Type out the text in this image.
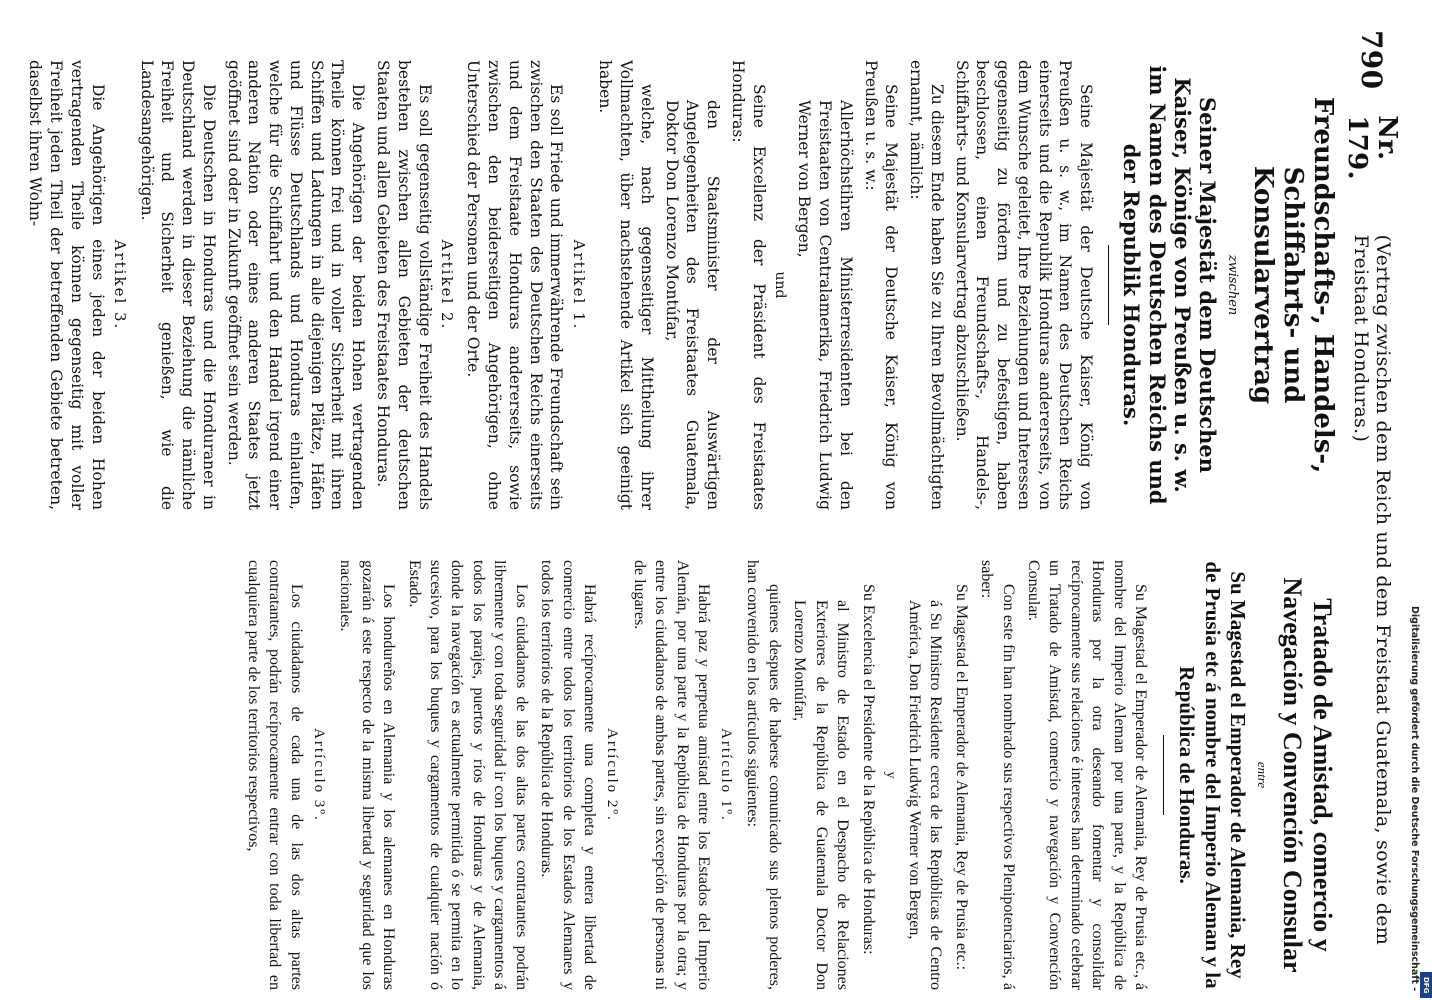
790
Nr. 179.
(Vertrag zwischen dem Reich und dem Freistaat Guatemala, sowie dem Freistaat Honduras.)
Freundschafts-, Handels-, Schiffahrts- und Konsularvertrag
zwischen
Seiner Majestät dem Deutschen Kaiser, Könige von Preußen u. s. w. im Namen des Deutschen Reichs und der Republik Honduras.

Seine Majestät der Deutsche Kaiser, König von Preußen u. s. w., im Namen des Deutschen Reichs einerseits und die Republik Honduras andererseits, von dem Wunsche geleitet, Ihre Beziehungen und Interessen gegenseitig zu fördern und zu befestigen, haben beschlossen, einen Freundschafts-, Handels-, Schiffahrts- und Konsularvertrag abzuschließen.

Zu diesem Ende haben Sie zu Ihren Bevollmächtigten ernannt, nämlich:

Seine Majestät der Deutsche Kaiser, König von Preußen u. s. w.:

Allerhöchstihren Ministerresidenten bei den Freistaaten von Centralamerika, Friedrich Ludwig Werner von Bergen,

und

Seine Excellenz der Präsident des Freistaates Honduras:

den Staatsminister der Auswärtigen Angelegenheiten des Freistaates Guatemala, Doktor Don Lorenzo Montúfar,

welche, nach gegenseitiger Mittheilung ihrer Vollmachten, über nachstehende Artikel sich geeinigt haben.

Artikel 1.

Es soll Friede und immerwährende Freundschaft sein zwischen den Staaten des Deutschen Reichs einerseits und dem Freistaate Honduras andererseits, sowie zwischen den beiderseitigen Angehörigen, ohne Unterschied der Personen und der Orte.

Artikel 2.

Es soll gegenseitig vollständige Freiheit des Handels bestehen zwischen allen Gebieten der deutschen Staaten und allen Gebieten des Freistaates Honduras.

Die Angehörigen der beiden Hohen vertragenden Theile können frei und in voller Sicherheit mit ihren Schiffen und Ladungen in alle diejenigen Plätze, Häfen und Flüsse Deutschlands und Honduras einlaufen, welche für die Schiffahrt und den Handel irgend einer anderen Nation oder eines anderen Staates jetzt geöffnet sind oder in Zukunft geöffnet sein werden.

Die Deutschen in Honduras und die Honduraner in Deutschland werden in dieser Beziehung die nämliche Freiheit und Sicherheit genießen, wie die Landesangehörigen.

Artikel 3.

Die Angehörigen eines jeden der beiden Hohen vertragenden Theile können gegenseitig mit voller Freiheit jeden Theil der betreffenden Gebiete betreten, daselbst ihren Wohn-

Tratado de Amistad, comercio y Navegación y Convención Consular
entre
Su Magestad el Emperador de Alemania, Rey de Prusia etc á nombre del Imperio Aleman y la República de Honduras.

Su Magestad el Emperador de Alemania, Rey de Prusia etc., á nombre del Imperio Aleman por una parte, y la República de Honduras por la otra deseando fomentar y consolidar recíprocamente sus relaciones é intereses han determinado celebrar un Tratado de Amistad, comercio y navegación y Convención Consular.

Con este fin han nombrado sus respectivos Plenipotenciarios, á saber:

Su Magestad el Emperador de Alemania, Rey de Prusia etc.:

á Su Ministro Residente cerca de las Repúblicas de Centro América, Don Friedrich Ludwig Werner von Bergen,

y

Su Excelencia el Presidente de la República de Honduras:

al Ministro de Estado en el Despacho de Relaciones Exteriores de la República de Guatemala Doctor Don Lorenzo Montúfar,

quienes despues de haberse comunicado sus plenos poderes, han convenido en los artículos siguientes:

Artículo 1º.

Habrá paz y perpetua amistad entre los Estados del Imperio Alemán, por una parte y la República de Honduras por la otra; y entre los ciudadanos de ambas partes, sin excepción de personas ni de lugares.

Artículo 2º.

Habrá recíprocamente una completa y entera libertad de comercio entre todos los territorios de los Estados Alemanes y todos los territorios de la República de Honduras.

Los ciudadanos de las dos altas partes contratantes podrán libremente y con toda seguridad ir con los buques y cargamentos á todos los parajes, puertos y ríos de Honduras y de Alemania, donde la navegación es actualmente permitida ó se permita en lo sucesivo, para los buques y cargamentos de cualquier nación ó Estado.

Los hondureños en Alemania y los alemanes en Honduras gozarán á este respecto de la misma libertad y seguridad que los nacionales.

Artículo 3º.

Los ciudadanos de cada una de las dos altas partes contratantes, podrán recíprocamente entrar con toda libertad en cualquiera parte de los territorios respectivos,	Digitalisierung gefördert durch die Deutsche Forschungsgemeinschaft - DFG
